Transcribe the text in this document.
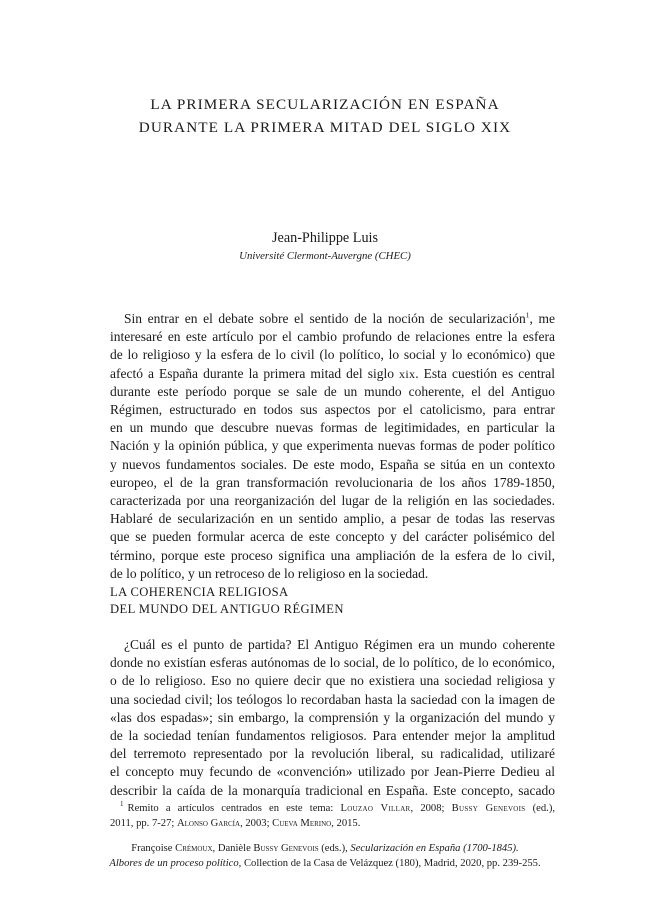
LA PRIMERA SECULARIZACIÓN EN ESPAÑA
DURANTE LA PRIMERA MITAD DEL SIGLO XIX
Jean-Philippe Luis
Université Clermont-Auvergne (CHEC)
Sin entrar en el debate sobre el sentido de la noción de secularización$^1$, me
interesaré en este artículo por el cambio profundo de relaciones entre la esfera
de lo religioso y la esfera de lo civil (lo político, lo social y lo económico) que
afectó a España durante la primera mitad del siglo xix. Esta cuestión es central
durante este período porque se sale de un mundo coherente, el del Antiguo
Régimen, estructurado en todos sus aspectos por el catolicismo, para entrar
en un mundo que descubre nuevas formas de legitimidades, en particular la
Nación y la opinión pública, y que experimenta nuevas formas de poder político
y nuevos fundamentos sociales. De este modo, España se sitúa en un contexto
europeo, el de la gran transformación revolucionaria de los años 1789-1850,
caracterizada por una reorganización del lugar de la religión en las sociedades.
Hablaré de secularización en un sentido amplio, a pesar de todas las reservas
que se pueden formular acerca de este concepto y del carácter polisémico del
término, porque este proceso significa una ampliación de la esfera de lo civil,
de lo político, y un retroceso de lo religioso en la sociedad.
LA COHERENCIA RELIGIOSA
DEL MUNDO DEL ANTIGUO RÉGIMEN
¿Cuál es el punto de partida? El Antiguo Régimen era un mundo coherente
donde no existían esferas autónomas de lo social, de lo político, de lo económico,
o de lo religioso. Eso no quiere decir que no existiera una sociedad religiosa y
una sociedad civil; los teólogos lo recordaban hasta la saciedad con la imagen de
«las dos espadas»; sin embargo, la comprensión y la organización del mundo y
de la sociedad tenían fundamentos religiosos. Para entender mejor la amplitud
del terremoto representado por la revolución liberal, su radicalidad, utilizaré
el concepto muy fecundo de «convención» utilizado por Jean-Pierre Dedieu al
describir la caída de la monarquía tradicional en España. Este concepto, sacado
$^1$ Remito a artículos centrados en este tema: Louzao Villar, 2008; Bussy Genevois (ed.),
2011, pp. 7-27; Alonso García, 2003; Cueva Merino, 2015.
Françoise Crémoux, Danièle Bussy Genevois (eds.), Secularización en España (1700-1845).
Albores de un proceso político, Collection de la Casa de Velázquez (180), Madrid, 2020, pp. 239-255.
